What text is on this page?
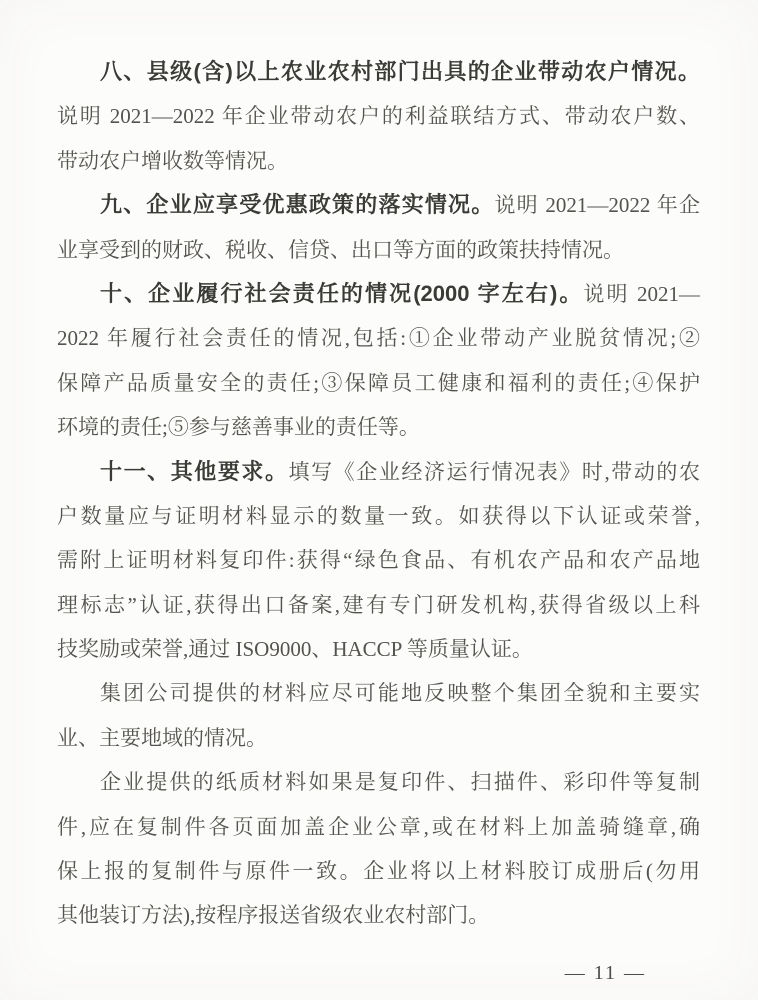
八、县级(含)以上农业农村部门出具的企业带动农户情况。
说明 2021—2022 年企业带动农户的利益联结方式、带动农户数、
带动农户增收数等情况。
九、企业应享受优惠政策的落实情况。说明 2021—2022 年企
业享受到的财政、税收、信贷、出口等方面的政策扶持情况。
十、企业履行社会责任的情况(2000 字左右)。说明 2021—
2022 年履行社会责任的情况,包括:①企业带动产业脱贫情况;②
保障产品质量安全的责任;③保障员工健康和福利的责任;④保护
环境的责任;⑤参与慈善事业的责任等。
十一、其他要求。填写《企业经济运行情况表》时,带动的农
户数量应与证明材料显示的数量一致。如获得以下认证或荣誉,
需附上证明材料复印件:获得“绿色食品、有机农产品和农产品地
理标志”认证,获得出口备案,建有专门研发机构,获得省级以上科
技奖励或荣誉,通过 ISO9000、HACCP 等质量认证。
集团公司提供的材料应尽可能地反映整个集团全貌和主要实
业、主要地域的情况。
企业提供的纸质材料如果是复印件、扫描件、彩印件等复制
件,应在复制件各页面加盖企业公章,或在材料上加盖骑缝章,确
保上报的复制件与原件一致。企业将以上材料胶订成册后(勿用
其他装订方法),按程序报送省级农业农村部门。
— 11 —
